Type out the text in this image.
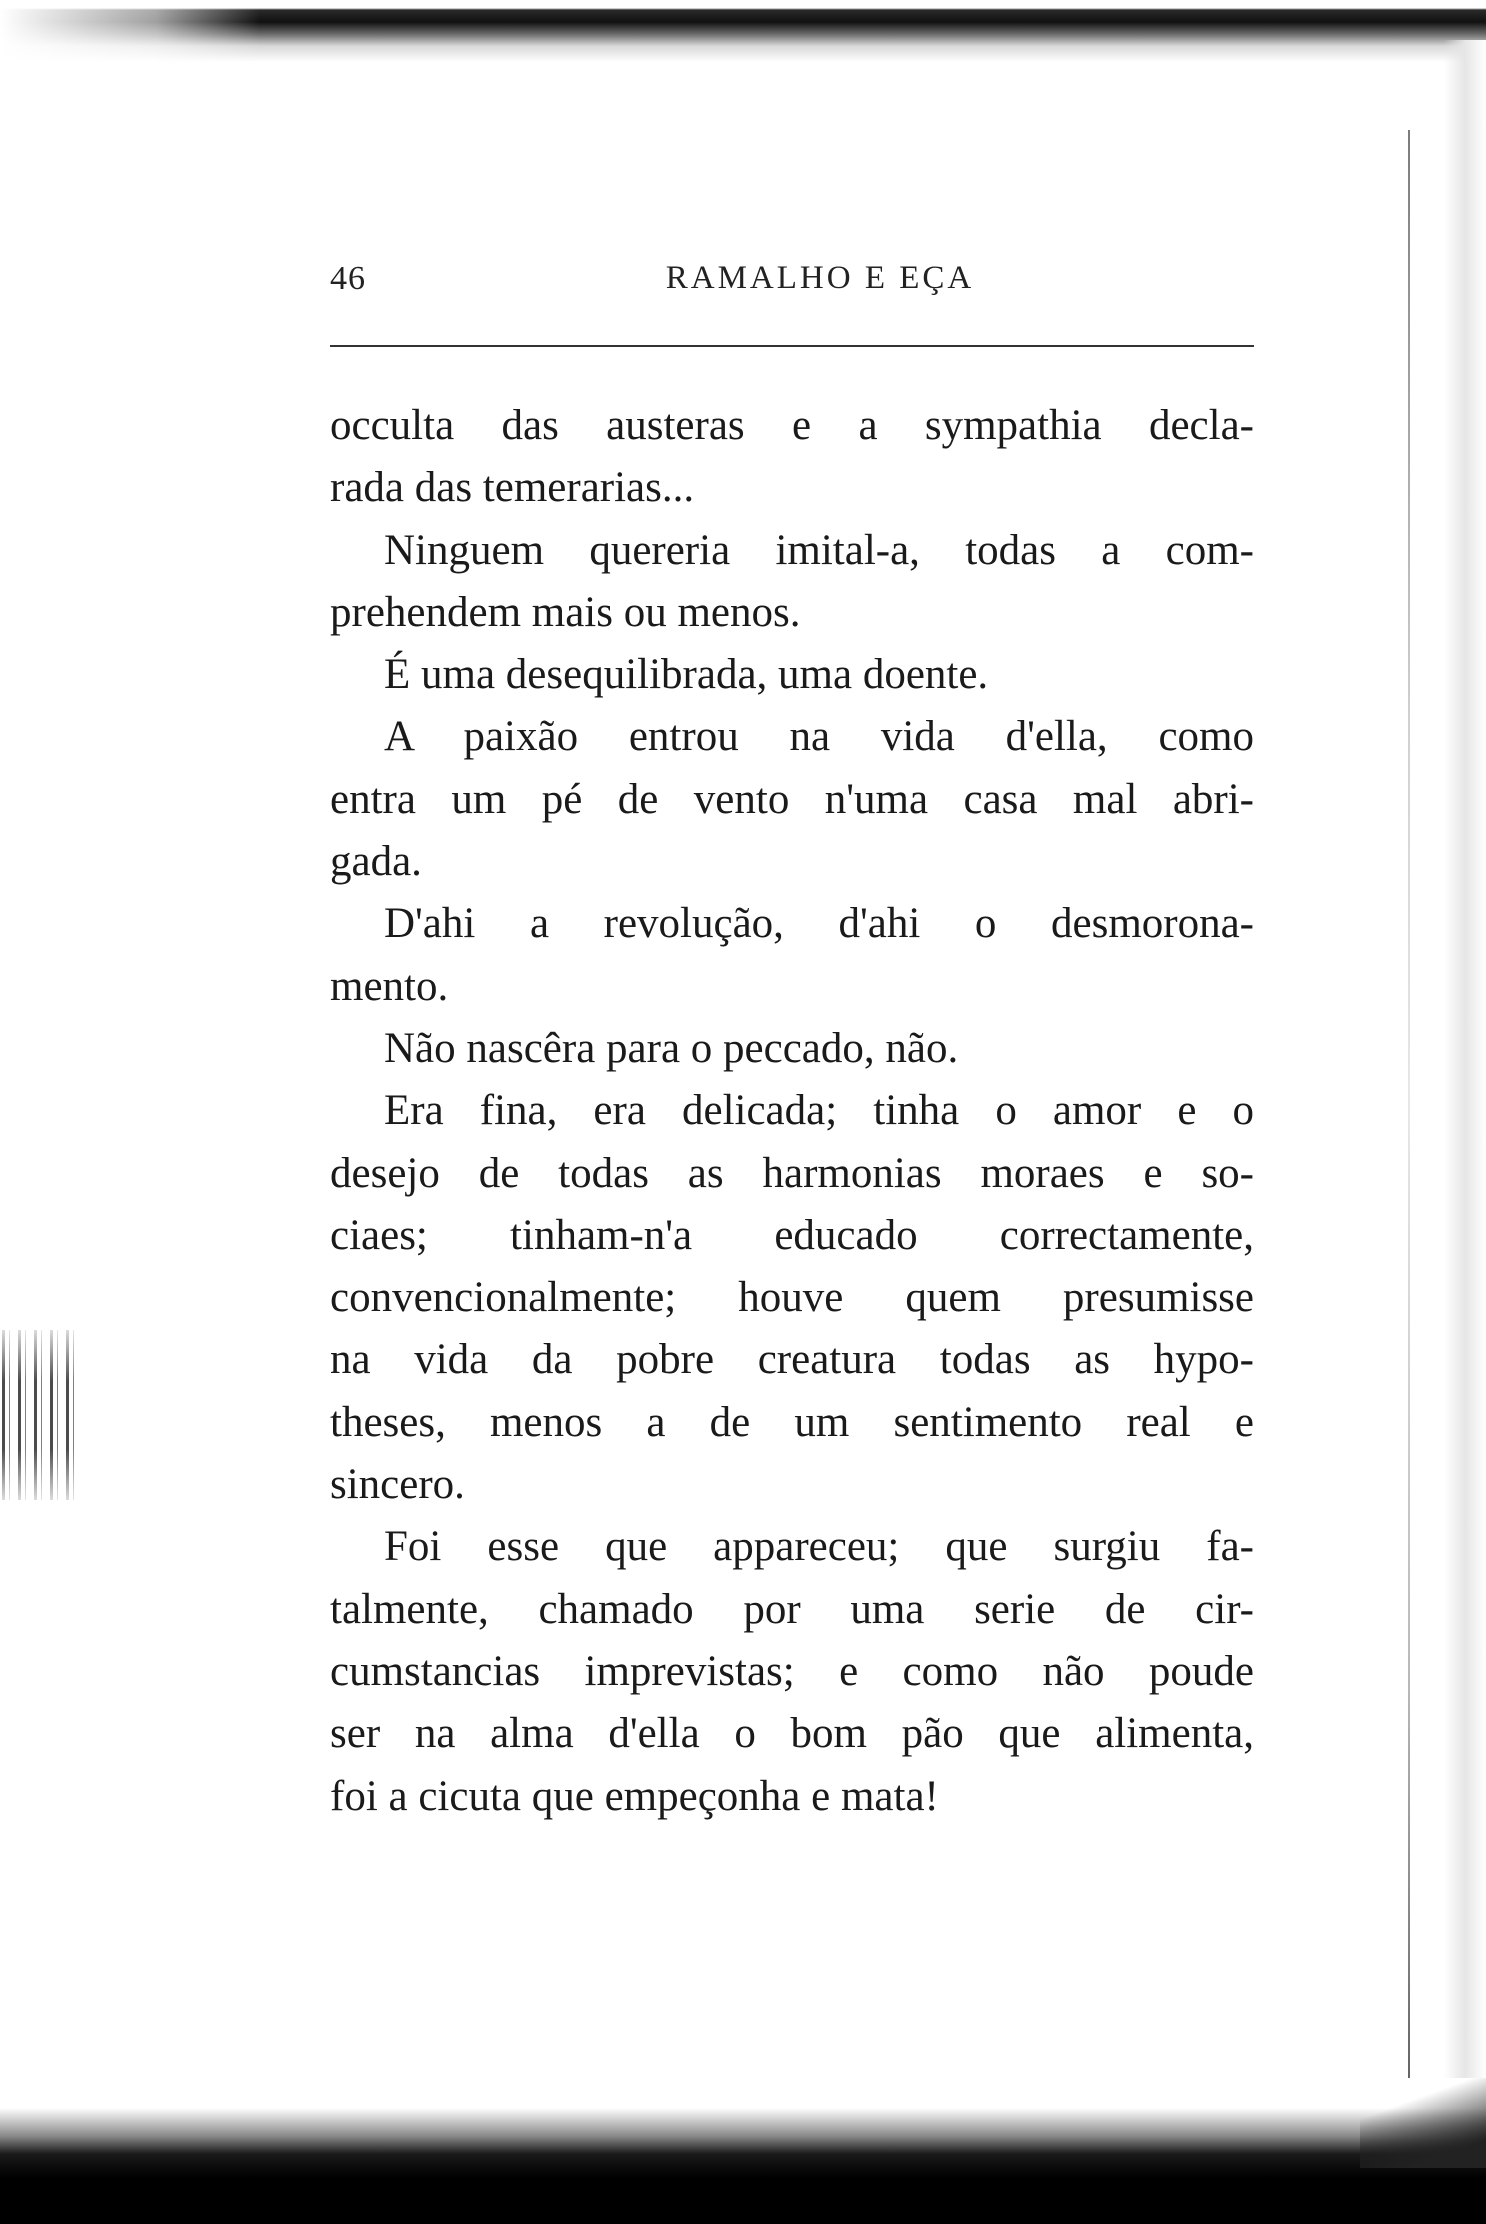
46	RAMALHO E EÇA
occulta das austeras e a sympathia decla-
rada das temerarias...
Ninguem quereria imital-a, todas a com-
prehendem mais ou menos.
É uma desequilibrada, uma doente.
A paixão entrou na vida d'ella, como
entra um pé de vento n'uma casa mal abri-
gada.
D'ahi a revolução, d'ahi o desmorona-
mento.
Não nascêra para o peccado, não.
Era fina, era delicada; tinha o amor e o
desejo de todas as harmonias moraes e so-
ciaes; tinham-n'a educado correctamente,
convencionalmente; houve quem presumisse
na vida da pobre creatura todas as hypo-
theses, menos a de um sentimento real e
sincero.
Foi esse que appareceu; que surgiu fa-
talmente, chamado por uma serie de cir-
cumstancias imprevistas; e como não poude
ser na alma d'ella o bom pão que alimenta,
foi a cicuta que empeçonha e mata!
